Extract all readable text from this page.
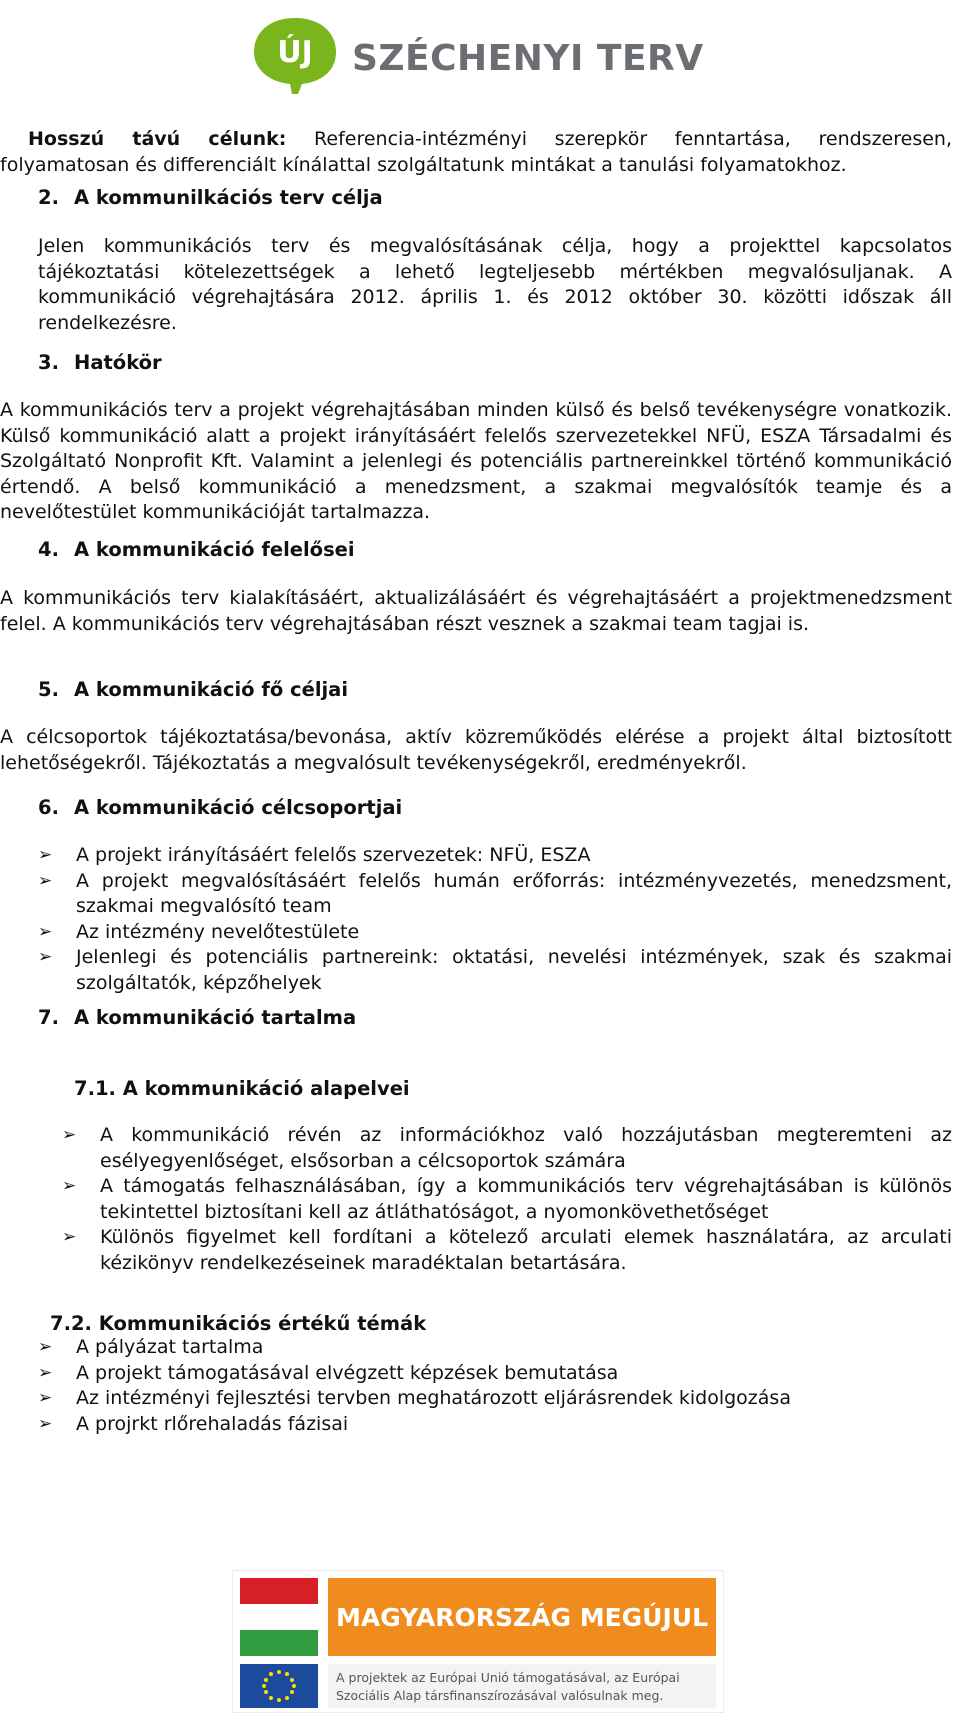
ÚJ SZÉCHENYI TERV

Hosszú távú célunk: Referencia-intézményi szerepkör fenntartása, rendszeresen, folyamatosan és differenciált kínálattal szolgáltatunk mintákat a tanulási folyamatokhoz.

2. A kommunilkációs terv célja

Jelen kommunikációs terv és megvalósításának célja, hogy a projekttel kapcsolatos tájékoztatási kötelezettségek a lehető legteljesebb mértékben megvalósuljanak. A kommunikáció végrehajtására 2012. április 1. és 2012 október 30. közötti időszak áll rendelkezésre.

3. Hatókör

A kommunikációs terv a projekt végrehajtásában minden külső és belső tevékenységre vonatkozik. Külső kommunikáció alatt a projekt irányításáért felelős szervezetekkel NFÜ, ESZA Társadalmi és Szolgáltató Nonprofit Kft. Valamint a jelenlegi és potenciális partnereinkkel történő kommunikáció értendő. A belső kommunikáció a menedzsment, a szakmai megvalósítók teamje és a nevelőtestület kommunikációját tartalmazza.

4. A kommunikáció felelősei

A kommunikációs terv kialakításáért, aktualizálásáért és végrehajtásáért a projektmenedzsment felel. A kommunikációs terv végrehajtásában részt vesznek a szakmai team tagjai is.

5. A kommunikáció fő céljai

A célcsoportok tájékoztatása/bevonása, aktív közreműködés elérése a projekt által biztosított lehetőségekről. Tájékoztatás a megvalósult tevékenységekről, eredményekről.

6. A kommunikáció célcsoportjai
➢	A projekt irányításáért felelős szervezetek: NFÜ, ESZA
➢	A projekt megvalósításáért felelős humán erőforrás: intézményvezetés, menedzsment, szakmai megvalósító team
➢	Az intézmény nevelőtestülete
➢	Jelenlegi és potenciális partnereink: oktatási, nevelési intézmények, szak és szakmai szolgáltatók, képzőhelyek
7. A kommunikáció tartalma
7.1. A kommunikáció alapelvei
➢	A kommunikáció révén az információkhoz való hozzájutásban megteremteni az esélyegyenlőséget, elsősorban a célcsoportok számára
➢	A támogatás felhasználásában, így a kommunikációs terv végrehajtásában is különös tekintettel biztosítani kell az átláthatóságot, a nyomonkövethetőséget
➢	Különös figyelmet kell fordítani a kötelező arculati elemek használatára, az arculati kézikönyv rendelkezéseinek maradéktalan betartására.
7.2. Kommunikációs értékű témák
➢	A pályázat tartalma
➢	A projekt támogatásával elvégzett képzések bemutatása
➢	Az intézményi fejlesztési tervben meghatározott eljárásrendek kidolgozása
➢	A projrkt rlőrehaladás fázisai
MAGYARORSZÁG MEGÚJUL
A projektek az Európai Unió támogatásával, az Európai
Szociális Alap társfinanszírozásával valósulnak meg.
